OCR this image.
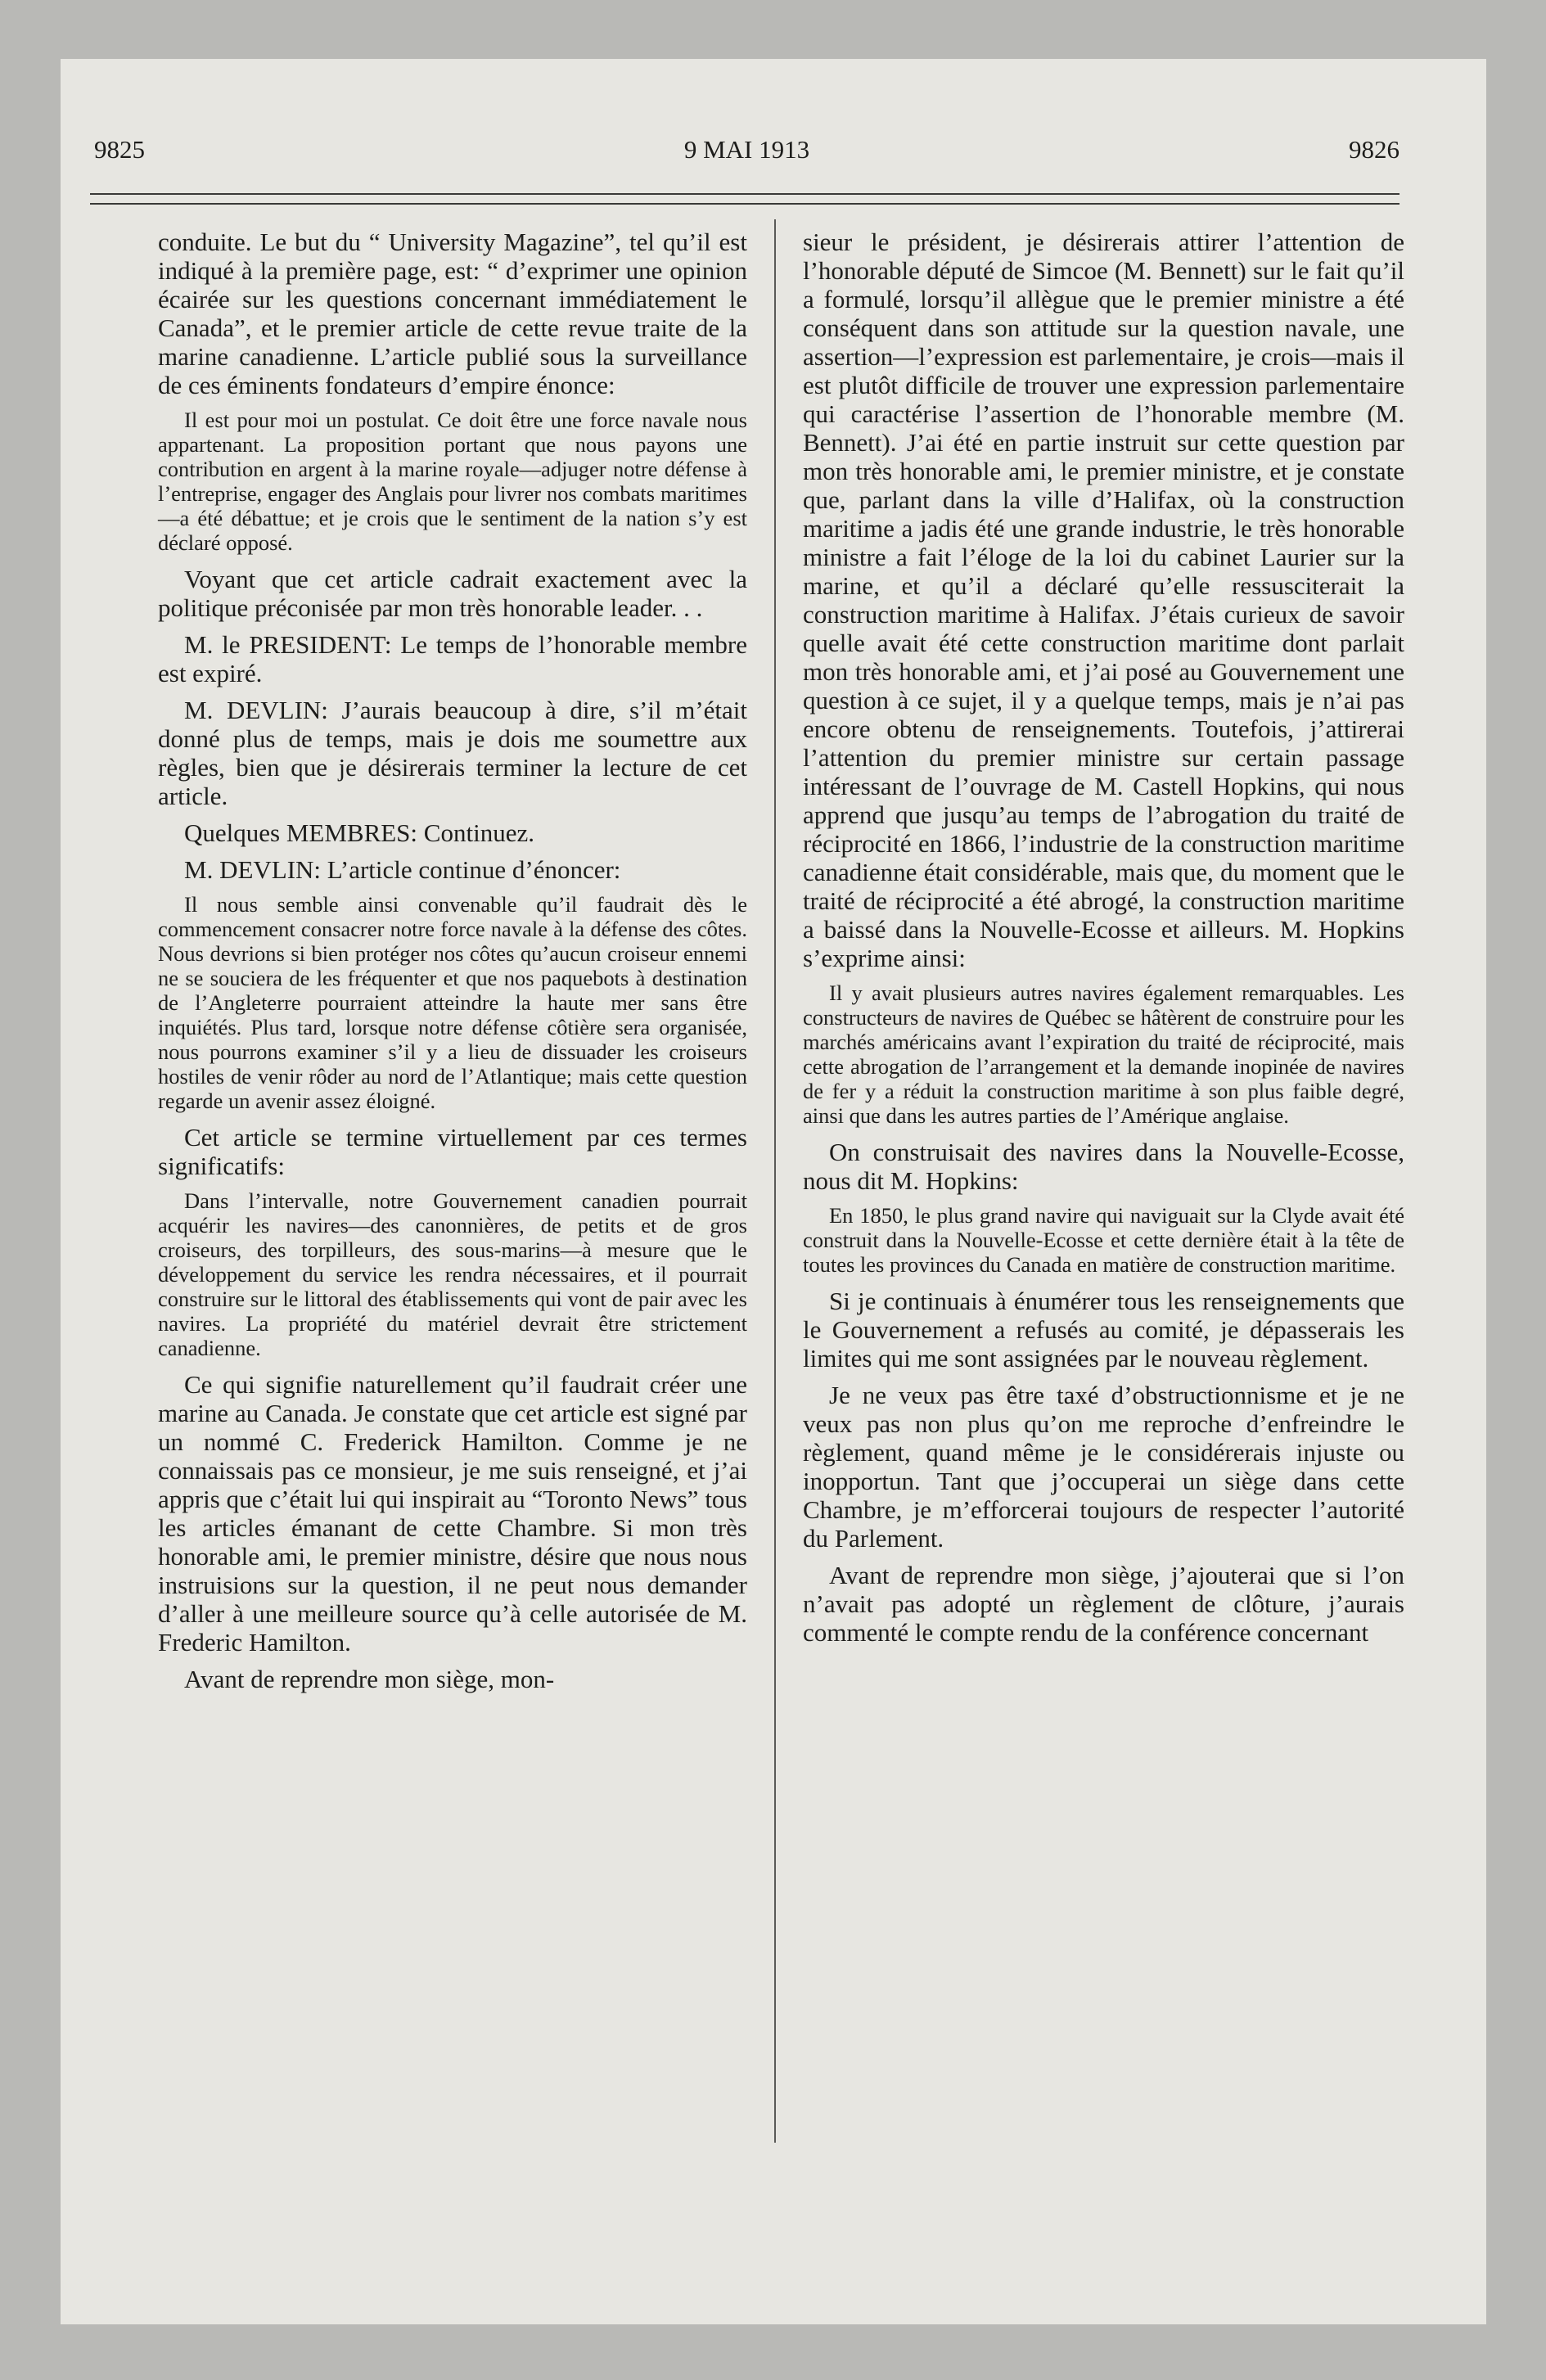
9825	9 MAI 1913	9826

conduite. Le but du “ University Magazine”, tel qu’il est indiqué à la première page, est: “ d’exprimer une opinion écairée sur les questions concernant immédiatement le Canada”, et le premier article de cette revue traite de la marine canadienne. L’article publié sous la surveillance de ces éminents fondateurs d’empire énonce:

Il est pour moi un postulat. Ce doit être une force navale nous appartenant. La proposition portant que nous payons une contribution en argent à la marine royale—adjuger notre défense à l’entreprise, engager des Anglais pour livrer nos combats maritimes—a été débattue; et je crois que le sentiment de la nation s’y est déclaré opposé.

Voyant que cet article cadrait exactement avec la politique préconisée par mon très honorable leader. . .

M. le PRESIDENT: Le temps de l’honorable membre est expiré.

M. DEVLIN: J’aurais beaucoup à dire, s’il m’était donné plus de temps, mais je dois me soumettre aux règles, bien que je désirerais terminer la lecture de cet article.

Quelques MEMBRES: Continuez.

M. DEVLIN: L’article continue d’énoncer:

Il nous semble ainsi convenable qu’il faudrait dès le commencement consacrer notre force navale à la défense des côtes. Nous devrions si bien protéger nos côtes qu’aucun croiseur ennemi ne se souciera de les fréquenter et que nos paquebots à destination de l’Angleterre pourraient atteindre la haute mer sans être inquiétés. Plus tard, lorsque notre défense côtière sera organisée, nous pourrons examiner s’il y a lieu de dissuader les croiseurs hostiles de venir rôder au nord de l’Atlantique; mais cette question regarde un avenir assez éloigné.

Cet article se termine virtuellement par ces termes significatifs:

Dans l’intervalle, notre Gouvernement canadien pourrait acquérir les navires—des canonnières, de petits et de gros croiseurs, des torpilleurs, des sous-marins—à mesure que le développement du service les rendra nécessaires, et il pourrait construire sur le littoral des établissements qui vont de pair avec les navires. La propriété du matériel devrait être strictement canadienne.

Ce qui signifie naturellement qu’il faudrait créer une marine au Canada. Je constate que cet article est signé par un nommé C. Frederick Hamilton. Comme je ne connaissais pas ce monsieur, je me suis renseigné, et j’ai appris que c’était lui qui inspirait au “Toronto News” tous les articles émanant de cette Chambre. Si mon très honorable ami, le premier ministre, désire que nous nous instruisions sur la question, il ne peut nous demander d’aller à une meilleure source qu’à celle autorisée de M. Frederic Hamilton.

Avant de reprendre mon siège, mon-

sieur le président, je désirerais attirer l’attention de l’honorable député de Simcoe (M. Bennett) sur le fait qu’il a formulé, lorsqu’il allègue que le premier ministre a été conséquent dans son attitude sur la question navale, une assertion—l’expression est parlementaire, je crois—mais il est plutôt difficile de trouver une expression parlementaire qui caractérise l’assertion de l’honorable membre (M. Bennett). J’ai été en partie instruit sur cette question par mon très honorable ami, le premier ministre, et je constate que, parlant dans la ville d’Halifax, où la construction maritime a jadis été une grande industrie, le très honorable ministre a fait l’éloge de la loi du cabinet Laurier sur la marine, et qu’il a déclaré qu’elle ressusciterait la construction maritime à Halifax. J’étais curieux de savoir quelle avait été cette construction maritime dont parlait mon très honorable ami, et j’ai posé au Gouvernement une question à ce sujet, il y a quelque temps, mais je n’ai pas encore obtenu de renseignements. Toutefois, j’attirerai l’attention du premier ministre sur certain passage intéressant de l’ouvrage de M. Castell Hopkins, qui nous apprend que jusqu’au temps de l’abrogation du traité de réciprocité en 1866, l’industrie de la construction maritime canadienne était considérable, mais que, du moment que le traité de réciprocité a été abrogé, la construction maritime a baissé dans la Nouvelle-Ecosse et ailleurs. M. Hopkins s’exprime ainsi:

Il y avait plusieurs autres navires également remarquables. Les constructeurs de navires de Québec se hâtèrent de construire pour les marchés américains avant l’expiration du traité de réciprocité, mais cette abrogation de l’arrangement et la demande inopinée de navires de fer y a réduit la construction maritime à son plus faible degré, ainsi que dans les autres parties de l’Amérique anglaise.

On construisait des navires dans la Nouvelle-Ecosse, nous dit M. Hopkins:

En 1850, le plus grand navire qui naviguait sur la Clyde avait été construit dans la Nouvelle-Ecosse et cette dernière était à la tête de toutes les provinces du Canada en matière de construction maritime.

Si je continuais à énumérer tous les renseignements que le Gouvernement a refusés au comité, je dépasserais les limites qui me sont assignées par le nouveau règlement.

Je ne veux pas être taxé d’obstructionnisme et je ne veux pas non plus qu’on me reproche d’enfreindre le règlement, quand même je le considérerais injuste ou inopportun. Tant que j’occuperai un siège dans cette Chambre, je m’efforcerai toujours de respecter l’autorité du Parlement.

Avant de reprendre mon siège, j’ajouterai que si l’on n’avait pas adopté un règlement de clôture, j’aurais commenté le compte rendu de la conférence concernant
